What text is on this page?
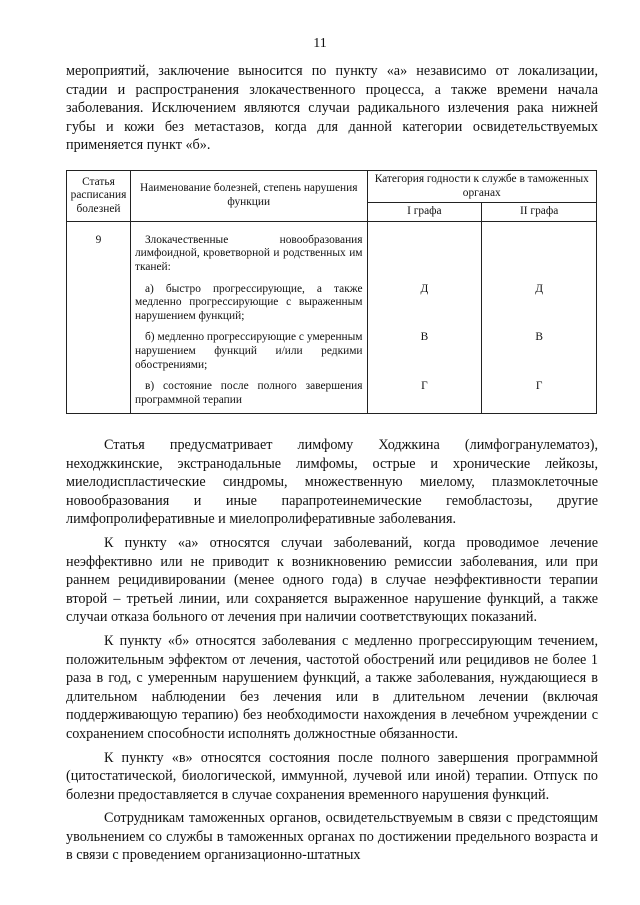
11

мероприятий, заключение выносится по пункту «а» независимо от локализации, стадии и распространения злокачественного процесса, а также времени начала заболевания. Исключением являются случаи радикального излечения рака нижней губы и кожи без метастазов, когда для данной категории освидетельствуемых применяется пункт «б».

Статья расписания болезней	Наименование болезней, степень нарушения функции	Категория годности к службе в таможенных органах	
		I графа	II графа
9	Злокачественные новообразования лимфоидной, кроветворной и родственных им тканей:		

	а) быстро прогрессирующие, а также медленно прогрессирующие с выраженным нарушением функций;	Д	Д

	б) медленно прогрессирующие с умеренным нарушением функций и/или редкими обострениями;	В	В

	в) состояние после полного завершения программной терапии	Г	Г

Статья предусматривает лимфому Ходжкина (лимфогранулематоз), неходжкинские, экстранодальные лимфомы, острые и хронические лейкозы, миелодиспластические синдромы, множественную миелому, плазмоклеточные новообразования и иные парапротеинемические гемобластозы, другие лимфопролиферативные и миелопролиферативные заболевания.

К пункту «а» относятся случаи заболеваний, когда проводимое лечение неэффективно или не приводит к возникновению ремиссии заболевания, или при раннем рецидивировании (менее одного года) в случае неэффективности терапии второй – третьей линии, или сохраняется выраженное нарушение функций, а также случаи отказа больного от лечения при наличии соответствующих показаний.

К пункту «б» относятся заболевания с медленно прогрессирующим течением, положительным эффектом от лечения, частотой обострений или рецидивов не более 1 раза в год, с умеренным нарушением функций, а также заболевания, нуждающиеся в длительном наблюдении без лечения или в длительном лечении (включая поддерживающую терапию) без необходимости нахождения в лечебном учреждении с сохранением способности исполнять должностные обязанности.

К пункту «в» относятся состояния после полного завершения программной (цитостатической, биологической, иммунной, лучевой или иной) терапии. Отпуск по болезни предоставляется в случае сохранения временного нарушения функций.

Сотрудникам таможенных органов, освидетельствуемым в связи с предстоящим увольнением со службы в таможенных органах по достижении предельного возраста и в связи с проведением организационно-штатных
